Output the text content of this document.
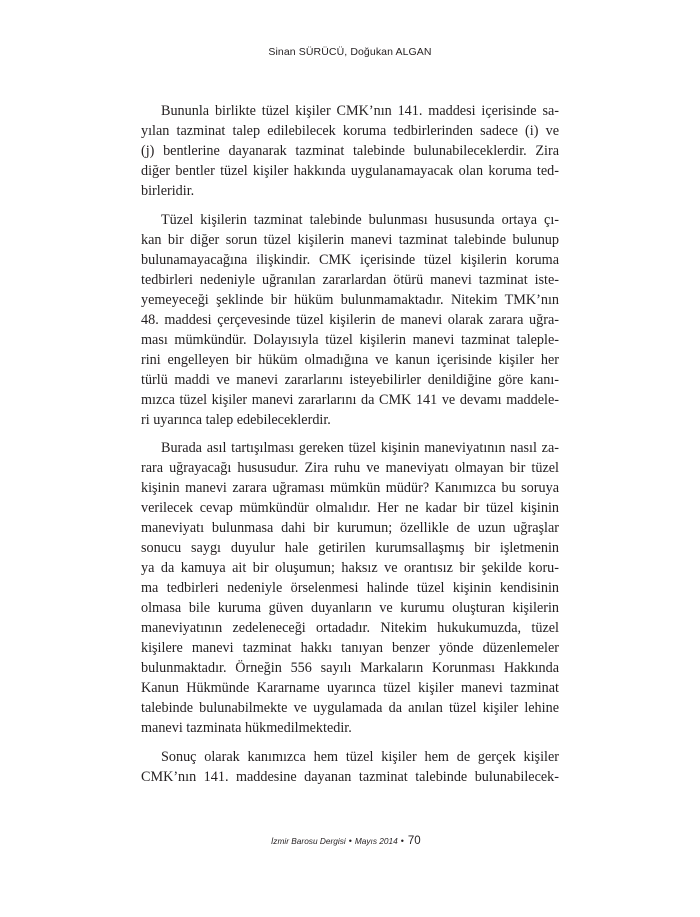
Sinan SÜRÜCÜ, Doğukan ALGAN
Bununla birlikte tüzel kişiler CMK’nın 141. maddesi içerisinde sa-
yılan tazminat talep edilebilecek koruma tedbirlerinden sadece (i) ve
(j) bentlerine dayanarak tazminat talebinde bulunabileceklerdir. Zira
diğer bentler tüzel kişiler hakkında uygulanamayacak olan koruma ted-
birleridir.
Tüzel kişilerin tazminat talebinde bulunması hususunda ortaya çı-
kan bir diğer sorun tüzel kişilerin manevi tazminat talebinde bulunup
bulunamayacağına ilişkindir. CMK içerisinde tüzel kişilerin koruma
tedbirleri nedeniyle uğranılan zararlardan ötürü manevi tazminat iste-
yemeyeceği şeklinde bir hüküm bulunmamaktadır. Nitekim TMK’nın
48. maddesi çerçevesinde tüzel kişilerin de manevi olarak zarara uğra-
ması mümkündür. Dolayısıyla tüzel kişilerin manevi tazminat taleple-
rini engelleyen bir hüküm olmadığına ve kanun içerisinde kişiler her
türlü maddi ve manevi zararlarını isteyebilirler denildiğine göre kanı-
mızca tüzel kişiler manevi zararlarını da CMK 141 ve devamı maddele-
ri uyarınca talep edebileceklerdir.
Burada asıl tartışılması gereken tüzel kişinin maneviyatının nasıl za-
rara uğrayacağı hususudur. Zira ruhu ve maneviyatı olmayan bir tüzel
kişinin manevi zarara uğraması mümkün müdür? Kanımızca bu soruya
verilecek cevap mümkündür olmalıdır. Her ne kadar bir tüzel kişinin
maneviyatı bulunmasa dahi bir kurumun; özellikle de uzun uğraşlar
sonucu saygı duyulur hale getirilen kurumsallaşmış bir işletmenin
ya da kamuya ait bir oluşumun; haksız ve orantısız bir şekilde koru-
ma tedbirleri nedeniyle örselenmesi halinde tüzel kişinin kendisinin
olmasa bile kuruma güven duyanların ve kurumu oluşturan kişilerin
maneviyatının zedeleneceği ortadadır. Nitekim hukukumuzda, tüzel
kişilere manevi tazminat hakkı tanıyan benzer yönde düzenlemeler
bulunmaktadır. Örneğin 556 sayılı Markaların Korunması Hakkında
Kanun Hükmünde Kararname uyarınca tüzel kişiler manevi tazminat
talebinde bulunabilmekte ve uygulamada da anılan tüzel kişiler lehine
manevi tazminata hükmedilmektedir.
Sonuç olarak kanımızca hem tüzel kişiler hem de gerçek kişiler
CMK’nın 141. maddesine dayanan tazminat talebinde bulunabilecek-
İzmir Barosu Dergisi • Mayıs 2014 • 70
